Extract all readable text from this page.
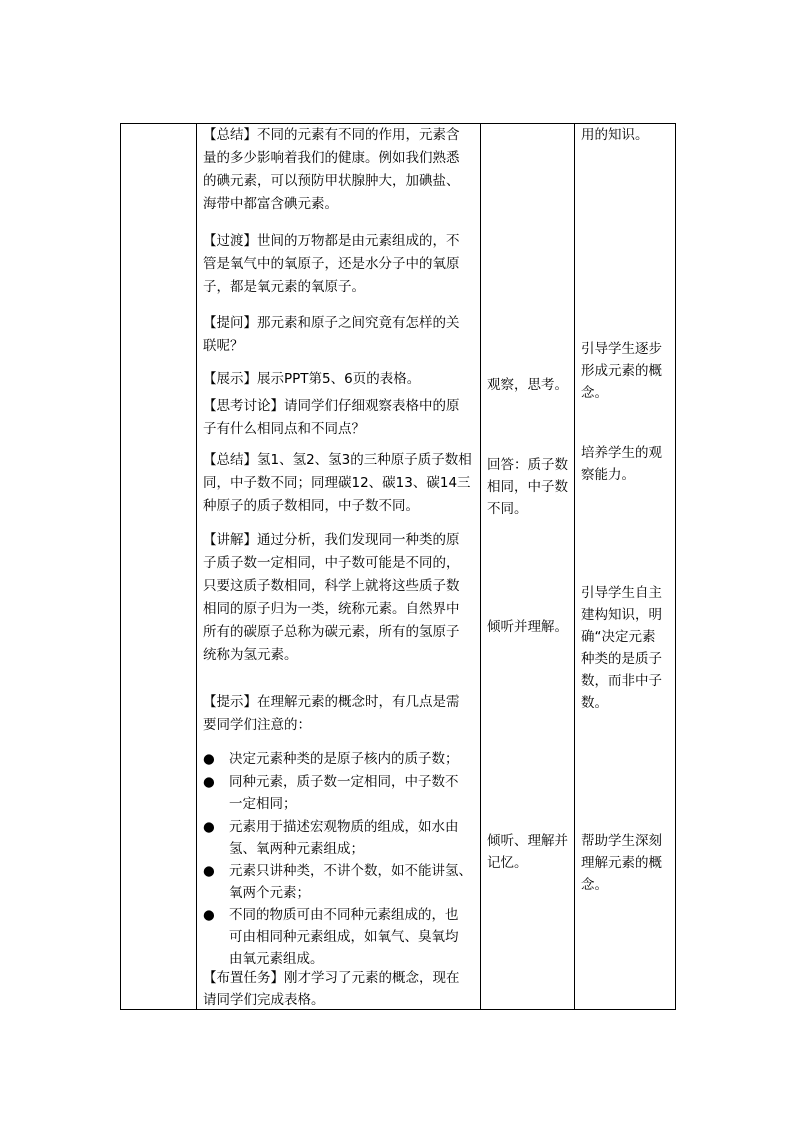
【总结】不同的元素有不同的作用，元素含
量的多少影响着我们的健康。例如我们熟悉
的碘元素，可以预防甲状腺肿大，加碘盐、
海带中都富含碘元素。
【过渡】世间的万物都是由元素组成的，不
管是氧气中的氧原子，还是水分子中的氧原
子，都是氧元素的氧原子。
【提问】那元素和原子之间究竟有怎样的关
联呢？
【展示】展示PPT第5、6页的表格。
【思考讨论】请同学们仔细观察表格中的原
子有什么相同点和不同点？
【总结】氢1、氢2、氢3的三种原子质子数相
同，中子数不同；同理碳12、碳13、碳14三
种原子的质子数相同，中子数不同。
【讲解】通过分析，我们发现同一种类的原
子质子数一定相同，中子数可能是不同的，
只要这质子数相同，科学上就将这些质子数
相同的原子归为一类，统称元素。自然界中
所有的碳原子总称为碳元素，所有的氢原子
统称为氢元素。
【提示】在理解元素的概念时，有几点是需
要同学们注意的：
● 决定元素种类的是原子核内的质子数；
● 同种元素，质子数一定相同，中子数不
一定相同；
● 元素用于描述宏观物质的组成，如水由
氢、氧两种元素组成；
● 元素只讲种类，不讲个数，如不能讲氢、
氧两个元素；
● 不同的物质可由不同种元素组成的，也
可由相同种元素组成，如氧气、臭氧均
由氧元素组成。
【布置任务】刚才学习了元素的概念，现在
请同学们完成表格。
观察，思考。
回答：质子数
相同，中子数
不同。
倾听并理解。
倾听、理解并
记忆。
用的知识。
引导学生逐步
形成元素的概
念。
培养学生的观
察能力。
引导学生自主
建构知识，明
确“决定元素
种类的是质子
数，而非中子
数。
帮助学生深刻
理解元素的概
念。
